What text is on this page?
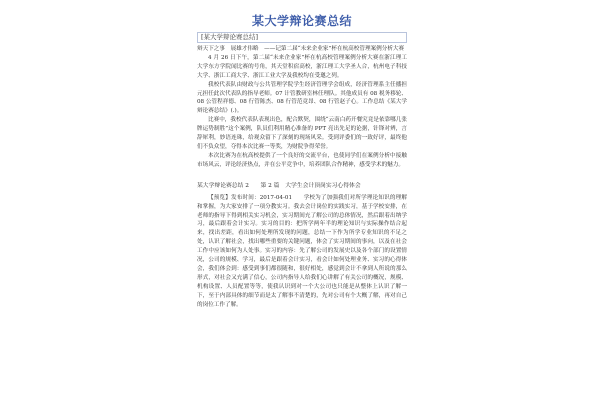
某大学辩论赛总结
[某大学辩论赛总结]

辩天下之事　展雄才伟略　——记第二届“未来企业家”杯在杭高校管理案例分析大赛

4 月 26 日下午，第二届“未来企业家”杯在杭高校管理案例分析大赛在浙江理工大学东方学院闻比赛的号角，其天堂积宿高校，浙江理工大学圣人合，杭州电子科技大学、浙江工商大学、浙江工业大学及我校均在受邀之列。

我校代表队由财政与公共管理学院学生经济管理学会组成，经济管理系主任播担元担任此次代表队的指导老师。07 计管教研室林任理队。其他成员有 08 税务移轮、08 公管程祥德、08 行管陈杰、08 行管范竟昂、08 行管赵子心。工作总结《某大学辩论赛总结》(.)。

比赛中，我校代表队表现出色，配合默契，围绕“云南白药开餐究竟是依靠哪几张牌运势制胜”这个案例，队员们利用精心准备的 PPT 亮出先足的论据，针锋对辨，言辞犀利，妙语连珠，给观众留下了深刻的现场风采。受到评委们的一致好评，最终他们不负众望，夺得本次比赛一等奖，为财院争得荣誉。

本次比赛为在杭高校提供了一个良好的交流平台，也使同学们在案例分析中接触市场风云，评论经济热点，并在公平竞争中，培养团队合作精神，感受学术的魅力。

某大学辩论赛总结 2　　第 2 篇　大学生会计顶岗实习心得体会

【预览】发布时间：2017-04-01　　学校为了加强我们对所学理论知识的理解和掌握，为大家安排了一项分教实习。我去会计岗位的实践实习，基于学校安排，在老师的指导下得到相关实习机会，实习期间充了解公司的总体情况，然后跟着出纳学习，最后跟着会计实习。实习的目的：把所学两年半的理论知识与实际操作结合起来，找出差距，看出如何处理所发现的问题，总结一下作为所学专业知识的不足之处，认识了解社会，找出哪些重要的关键问题，体会了实习期间的事向，以及在社会工作中应该如何为人处事。实习的内容：先了解公司的发展史以及各个部门的设置情况，公司的规模、学习，最后是跟着会计实习，看会计如何处理业务、实习的心得体会，我们体会到：感受到事们都很随和，很好相处，感觉到会计不拿到人所说的那么形式，对社会又充满了信心，公司内指导人给我们心讲解了有关公司的概况，规模、机构设置、人员配置等等，使我认识到对一个大公司也只能是从整体上认识了解一下，至于内部具体的细节而是太了解事不清楚的，先对公司有个大概了解，再对自己的岗位工作了解。
